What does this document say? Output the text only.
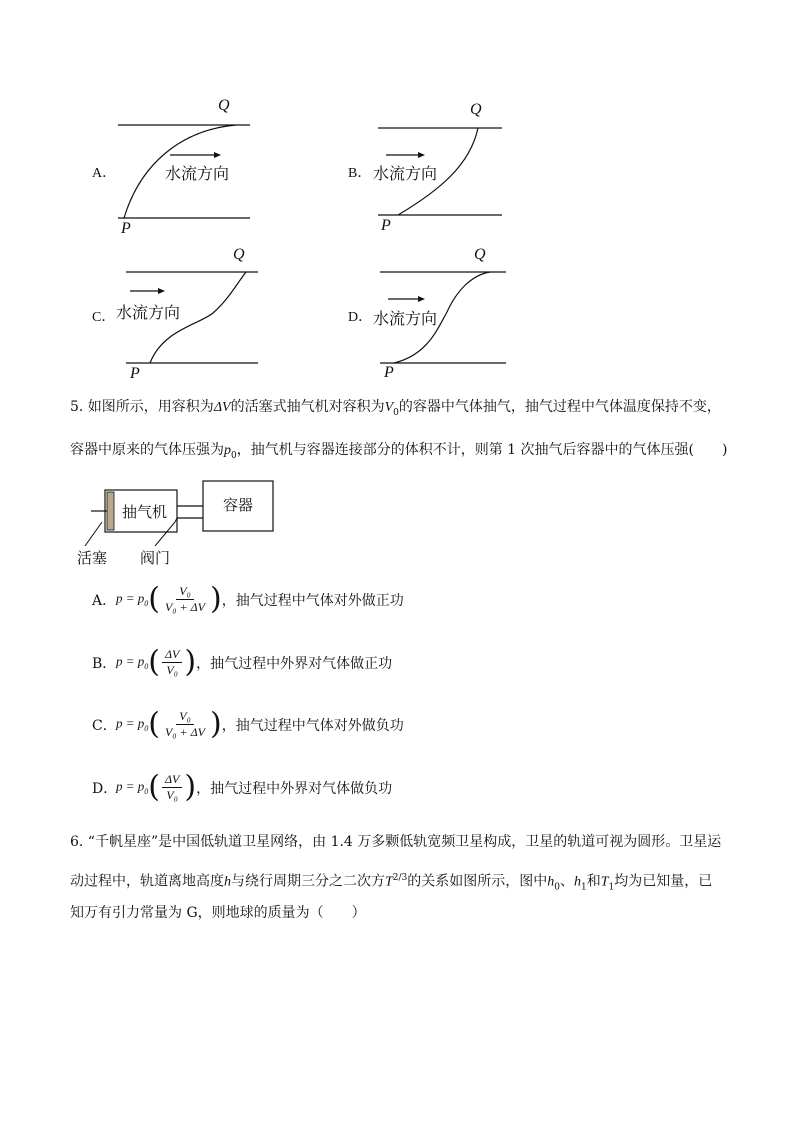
A．
Q
P
水流方向	B．
Q
P
水流方向
C．
Q
P
水流方向	D．
Q
P
水流方向
5. 如图所示，用容积为ΔV的活塞式抽气机对容积为$V_0$的容器中气体抽气，抽气过程中气体温度保持不变，
容器中原来的气体压强为$p_0$，抽气机与容器连接部分的体积不计，则第 1 次抽气后容器中的气体压强(　　)
抽气机	容器
活塞 阀门
A． $p = p_0( \frac{\text{V₀}}{\text{V₀ + ΔV}}$ ) ，抽气过程中气体对外做正功
B． $p = p_0( \frac{\Delta V}{\text{V₀}}$ ) ，抽气过程中外界对气体做正功
C． $p = p_0( \frac{\text{V₀}}{\text{V₀ + ΔV}}$ ) ，抽气过程中气体对外做负功
D．
$p = p_0( \frac{\Delta V}{\text{V₀}}$ ) ，抽气过程中外界对气体做负功
6. “千帆星座”是中国低轨道卫星网络，由 1.4 万多颗低轨宽频卫星构成，卫星的轨道可视为圆形。卫星运
动过程中，轨道离地高度h与绕行周期三分之二次方$T^{2/3}$的关系如图所示，图中$h_0$、$h_1$和$T_1$均为已知量，已
知万有引力常量为 G，则地球的质量为（　　）
